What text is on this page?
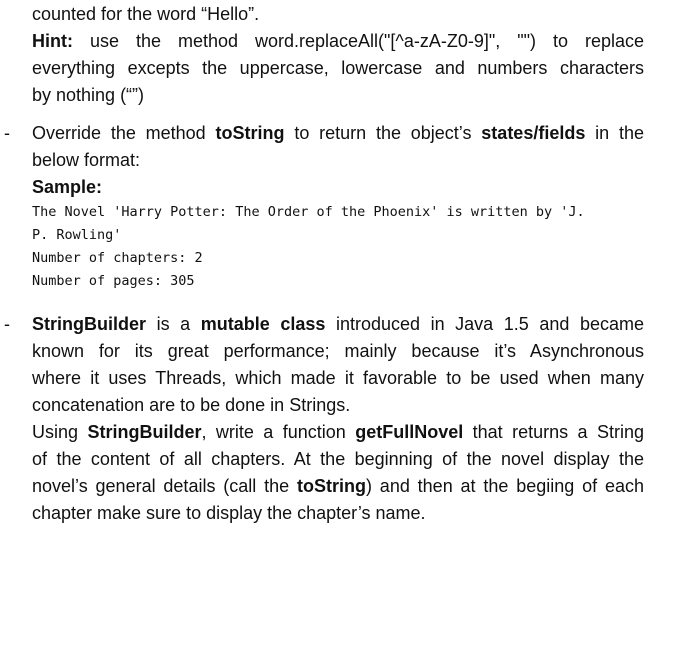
counted for the word “Hello”.
Hint: use the method word.replaceAll("[^a-zA-Z0-9]", "") to replace
everything excepts the uppercase, lowercase and numbers characters
by nothing (“”)
-	Override the method toString to return the object’s states/fields in the
below format:
Sample:
The Novel 'Harry Potter: The Order of the Phoenix' is written by 'J.
P. Rowling'
Number of chapters: 2
Number of pages: 305
-	StringBuilder is a mutable class introduced in Java 1.5 and became
known for its great performance; mainly because it’s Asynchronous
where it uses Threads, which made it favorable to be used when many
concatenation are to be done in Strings.
Using StringBuilder, write a function getFullNovel that returns a String
of the content of all chapters. At the beginning of the novel display the
novel’s general details (call the toString) and then at the begiing of each
chapter make sure to display the chapter’s name.
